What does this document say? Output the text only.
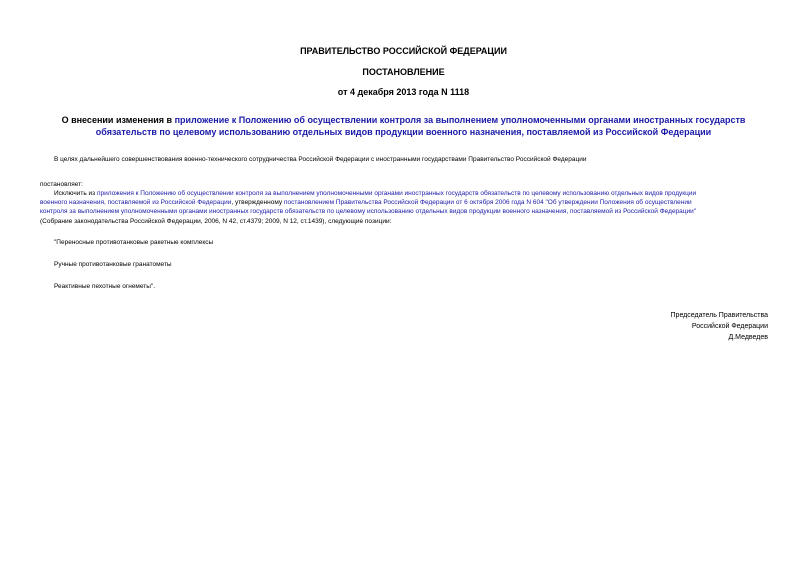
ПРАВИТЕЛЬСТВО РОССИЙСКОЙ ФЕДЕРАЦИИ
ПОСТАНОВЛЕНИЕ
от 4 декабря 2013 года N 1118
О внесении изменения в приложение к Положению об осуществлении контроля за выполнением уполномоченными органами иностранных государств
обязательств по целевому использованию отдельных видов продукции военного назначения, поставляемой из Российской Федерации
В целях дальнейшего совершенствования военно-технического сотрудничества Российской Федерации с иностранными государствами Правительство Российской Федерации
постановляет:
Исключить из приложения к Положению об осуществлении контроля за выполнением уполномоченными органами иностранных государств обязательств по целевому использованию отдельных видов продукции
военного назначения, поставляемой из Российской Федерации, утвержденному постановлением Правительства Российской Федерации от 6 октября 2006 года N 604 "Об утверждении Положения об осуществлении
контроля за выполнением уполномоченными органами иностранных государств обязательств по целевому использованию отдельных видов продукции военного назначения, поставляемой из Российской Федерации"
(Собрание законодательства Российской Федерации, 2006, N 42, ст.4379; 2009, N 12, ст.1439), следующие позиции:
"Переносные противотанковые ракетные комплексы
Ручные противотанковые гранатометы
Реактивные пехотные огнеметы".
Председатель Правительства
Российской Федерации
Д.Медведев
